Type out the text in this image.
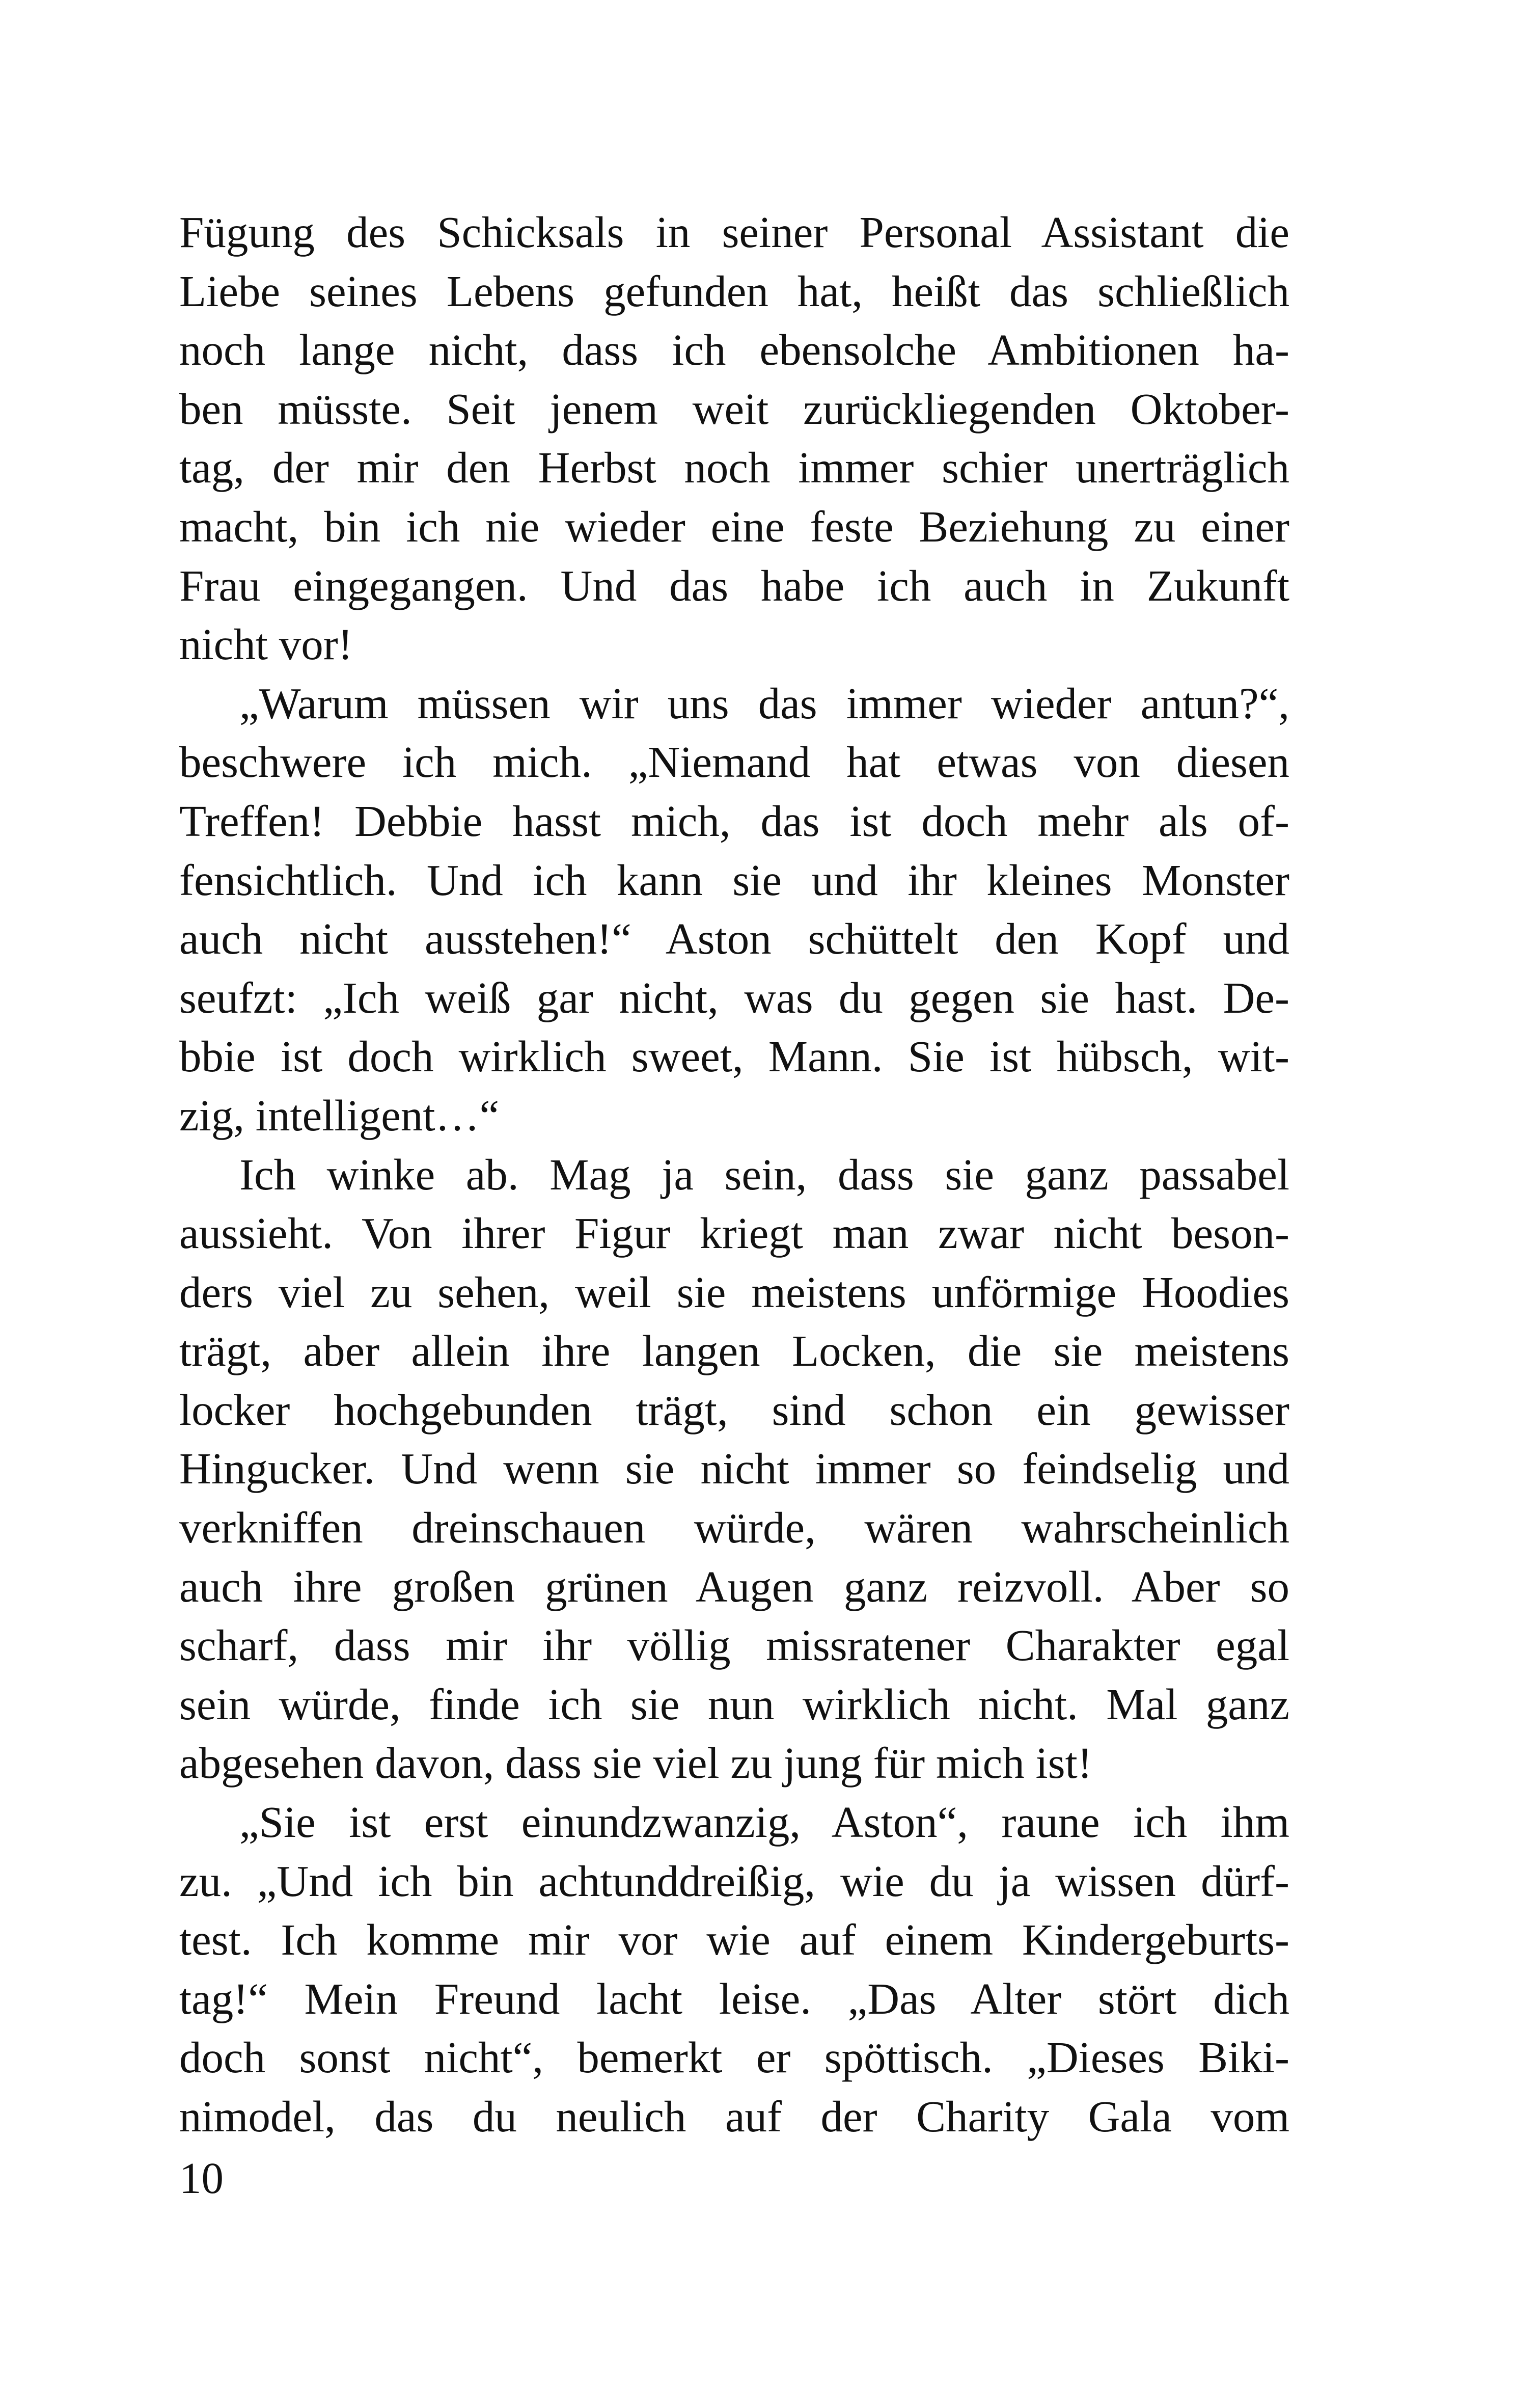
Fügung des Schicksals in seiner Personal Assistant die
Liebe seines Lebens gefunden hat, heißt das schließlich
noch lange nicht, dass ich ebensolche Ambitionen ha-
ben müsste. Seit jenem weit zurückliegenden Oktober-
tag, der mir den Herbst noch immer schier unerträglich
macht, bin ich nie wieder eine feste Beziehung zu einer
Frau eingegangen. Und das habe ich auch in Zukunft
nicht vor!
„Warum müssen wir uns das immer wieder antun?“,
beschwere ich mich. „Niemand hat etwas von diesen
Treffen! Debbie hasst mich, das ist doch mehr als of-
fensichtlich. Und ich kann sie und ihr kleines Monster
auch nicht ausstehen!“ Aston schüttelt den Kopf und
seufzt: „Ich weiß gar nicht, was du gegen sie hast. De-
bbie ist doch wirklich sweet, Mann. Sie ist hübsch, wit-
zig, intelligent…“
Ich winke ab. Mag ja sein, dass sie ganz passabel
aussieht. Von ihrer Figur kriegt man zwar nicht beson-
ders viel zu sehen, weil sie meistens unförmige Hoodies
trägt, aber allein ihre langen Locken, die sie meistens
locker hochgebunden trägt, sind schon ein gewisser
Hingucker. Und wenn sie nicht immer so feindselig und
verkniffen dreinschauen würde, wären wahrscheinlich
auch ihre großen grünen Augen ganz reizvoll. Aber so
scharf, dass mir ihr völlig missratener Charakter egal
sein würde, finde ich sie nun wirklich nicht. Mal ganz
abgesehen davon, dass sie viel zu jung für mich ist!
„Sie ist erst einundzwanzig, Aston“, raune ich ihm
zu. „Und ich bin achtunddreißig, wie du ja wissen dürf-
test. Ich komme mir vor wie auf einem Kindergeburts-
tag!“ Mein Freund lacht leise. „Das Alter stört dich
doch sonst nicht“, bemerkt er spöttisch. „Dieses Biki-
nimodel, das du neulich auf der Charity Gala vom
10
